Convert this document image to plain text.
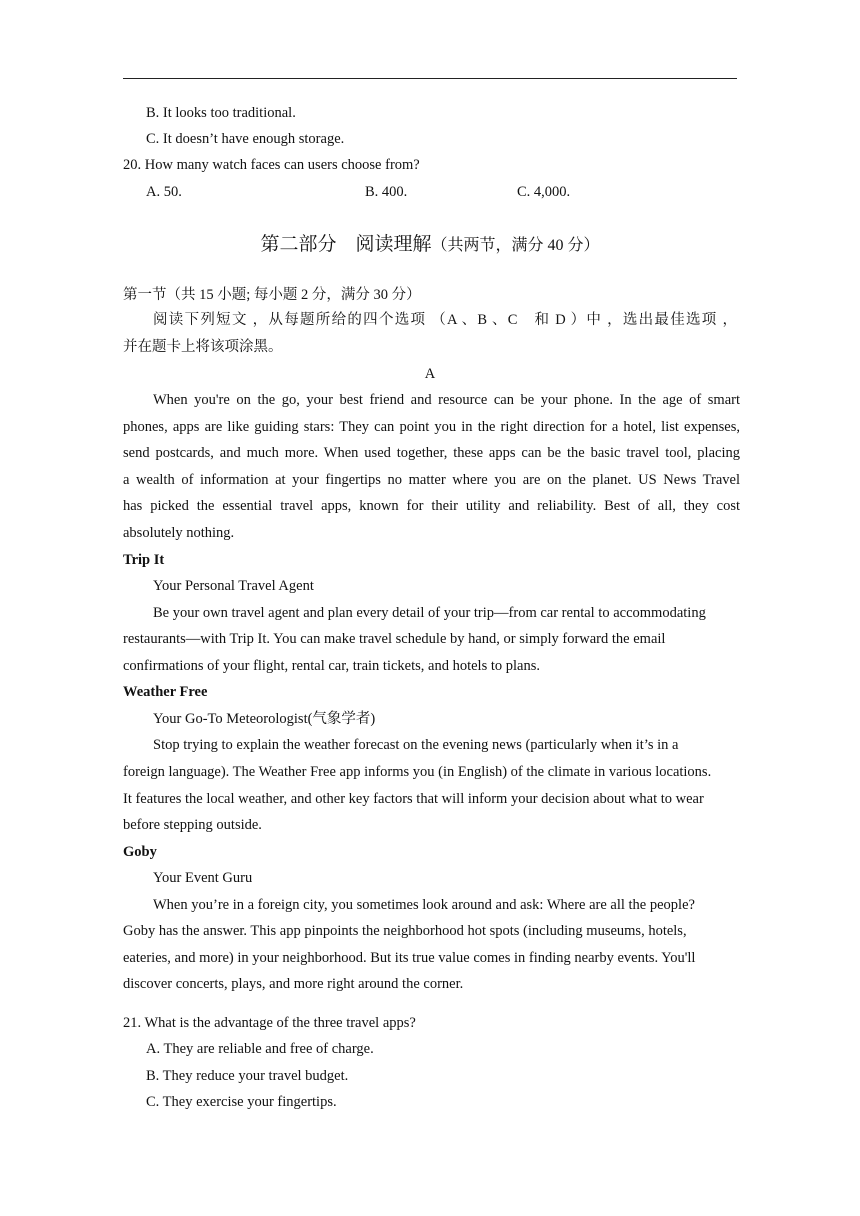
B. It looks too traditional.
C. It doesn’t have enough storage.
20. How many watch faces can users choose from?
A. 50.	B. 400.	C. 4,000.
第二部分　阅读理解（共两节，满分 40 分）
第一节（共 15 小题; 每小题 2 分，满分 30 分）
阅读下列短文 ，从每题所给的四个选项 （A 、B 、C　和 D ）中 ，选出最佳选项 ，
并在题卡上将该项涂黑。
A
When you're on the go, your best friend and resource can be your phone. In the age of smart
phones, apps are like guiding stars: They can point you in the right direction for a hotel, list expenses,
send postcards, and much more. When used together, these apps can be the basic travel tool, placing
a wealth of information at your fingertips no matter where you are on the planet. US News Travel
has picked the essential travel apps, known for their utility and reliability. Best of all, they cost
absolutely nothing.
Trip It
Your Personal Travel Agent
Be your own travel agent and plan every detail of your trip—from car rental to accommodating
restaurants—with Trip It. You can make travel schedule by hand, or simply forward the email
confirmations of your flight, rental car, train tickets, and hotels to plans.
Weather Free
Your Go-To Meteorologist(气象学者)
Stop trying to explain the weather forecast on the evening news (particularly when it’s in a
foreign language). The Weather Free app informs you (in English) of the climate in various locations.
It features the local weather, and other key factors that will inform your decision about what to wear
before stepping outside.
Goby
Your Event Guru
When you’re in a foreign city, you sometimes look around and ask: Where are all the people?
Goby has the answer. This app pinpoints the neighborhood hot spots (including museums, hotels,
eateries, and more) in your neighborhood. But its true value comes in finding nearby events. You'll
discover concerts, plays, and more right around the corner.
21. What is the advantage of the three travel apps?
A. They are reliable and free of charge.
B. They reduce your travel budget.
C. They exercise your fingertips.
